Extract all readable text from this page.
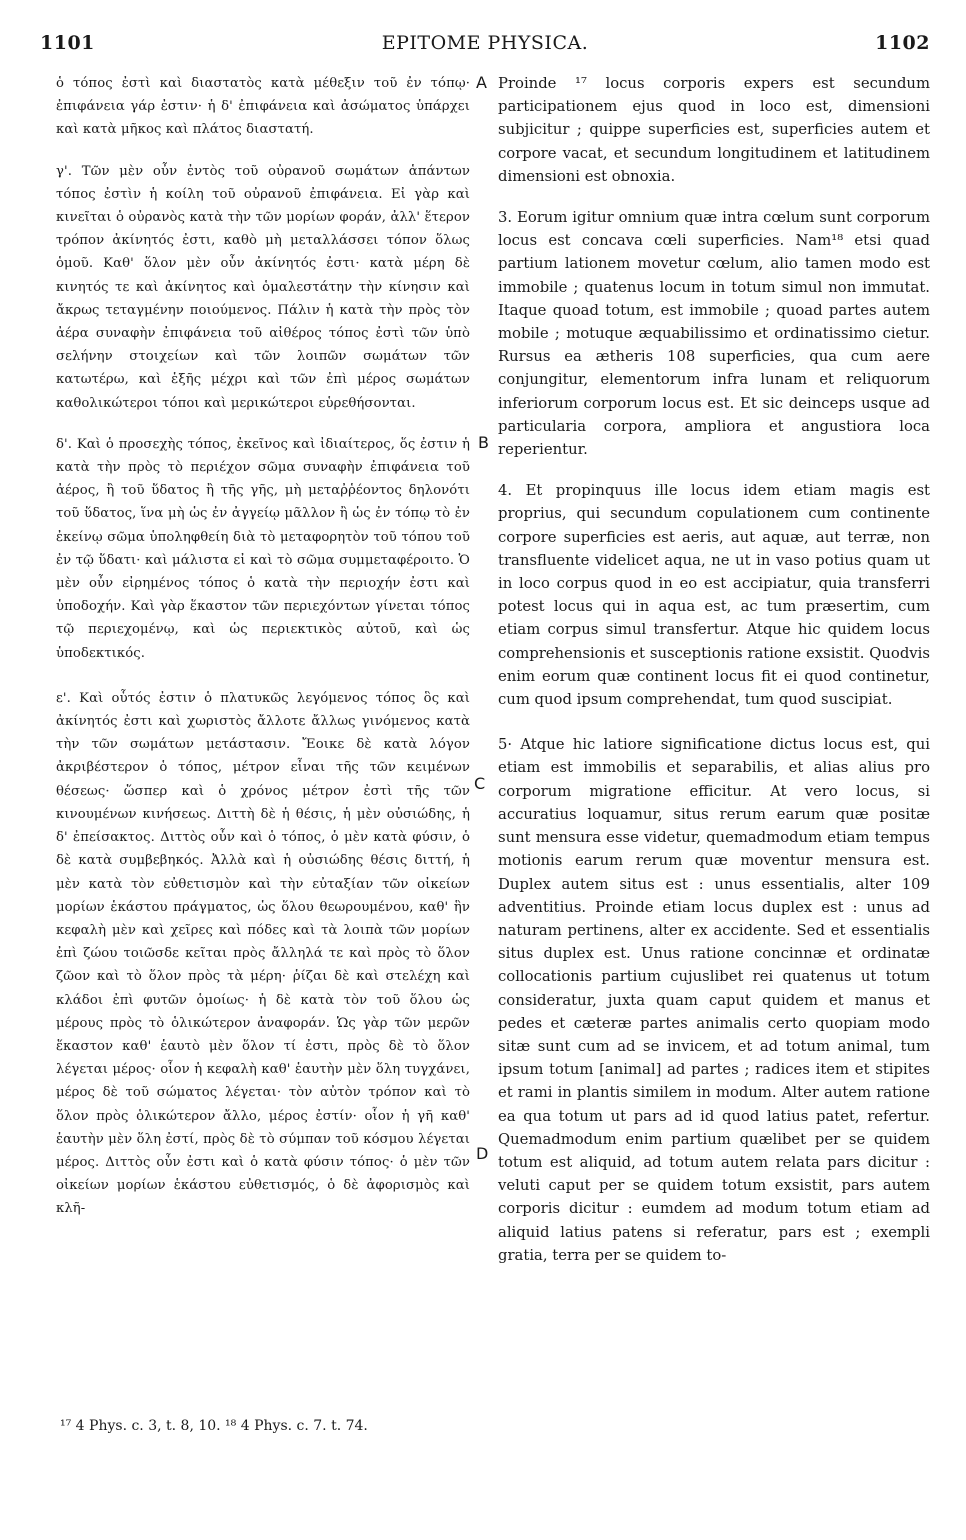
1101	EPITOME PHYSICA.	1102

ὁ τόπος ἐστὶ καὶ διαστατὸς κατὰ μέθεξιν τοῦ ἐν τόπῳ· ἐπιφάνεια γάρ ἐστιν· ἡ δ' ἐπιφάνεια καὶ ἀσώματος ὑπάρχει καὶ κατὰ μῆκος καὶ πλάτος διαστατή.

γ'. Τῶν μὲν οὖν ἐντὸς τοῦ οὐρανοῦ σωμάτων ἁπάντων τόπος ἐστὶν ἡ κοίλη τοῦ οὐρανοῦ ἐπιφάνεια. Εἰ γὰρ καὶ κινεῖται ὁ οὐρανὸς κατὰ τὴν τῶν μορίων φοράν, ἀλλ' ἕτερον τρόπον ἀκίνητός ἐστι, καθὸ μὴ μεταλλάσσει τόπον ὅλως ὁμοῦ. Καθ' ὅλον μὲν οὖν ἀκίνητός ἐστι· κατὰ μέρη δὲ κινητός τε καὶ ἀκίνητος καὶ ὁμαλεστάτην τὴν κίνησιν καὶ ἄκρως τεταγμένην ποιούμενος. Πάλιν ἡ κατὰ τὴν πρὸς τὸν ἀέρα συναφὴν ἐπιφάνεια τοῦ αἰθέρος τόπος ἐστὶ τῶν ὑπὸ σελήνην στοιχείων καὶ τῶν λοιπῶν σωμάτων τῶν κατωτέρω, καὶ ἑξῆς μέχρι καὶ τῶν ἐπὶ μέρος σωμάτων καθολικώτεροι τόποι καὶ μερικώτεροι εὑρεθήσονται.

δ'. Καὶ ὁ προσεχὴς τόπος, ἐκεῖνος καὶ ἰδιαίτερος, ὅς ἐστιν ἡ κατὰ τὴν πρὸς τὸ περιέχον σῶμα συναφὴν ἐπιφάνεια τοῦ ἀέρος, ἢ τοῦ ὕδατος ἢ τῆς γῆς, μὴ μεταῤῥέοντος δηλονότι τοῦ ὕδατος, ἵνα μὴ ὡς ἐν ἀγγείῳ μᾶλλον ἢ ὡς ἐν τόπῳ τὸ ἐν ἐκείνῳ σῶμα ὑποληφθείη διὰ τὸ μεταφορητὸν τοῦ τόπου τοῦ ἐν τῷ ὕδατι· καὶ μάλιστα εἰ καὶ τὸ σῶμα συμμεταφέροιτο. Ὁ μὲν οὖν εἰρημένος τόπος ὁ κατὰ τὴν περιοχήν ἐστι καὶ ὑποδοχήν. Καὶ γὰρ ἕκαστον τῶν περιεχόντων γίνεται τόπος τῷ περιεχομένῳ, καὶ ὡς περιεκτικὸς αὐτοῦ, καὶ ὡς ὑποδεκτικός.

ε'. Καὶ οὗτός ἐστιν ὁ πλατυκῶς λεγόμενος τόπος ὃς καὶ ἀκίνητός ἐστι καὶ χωριστὸς ἄλλοτε ἄλλως γινόμενος κατὰ τὴν τῶν σωμάτων μετάστασιν. Ἔοικε δὲ κατὰ λόγον ἀκριβέστερον ὁ τόπος, μέτρον εἶναι τῆς τῶν κειμένων θέσεως· ὥσπερ καὶ ὁ χρόνος μέτρον ἐστὶ τῆς τῶν κινουμένων κινήσεως. Διττὴ δὲ ἡ θέσις, ἡ μὲν οὐσιώδης, ἡ δ' ἐπείσακτος. Διττὸς οὖν καὶ ὁ τόπος, ὁ μὲν κατὰ φύσιν, ὁ δὲ κατὰ συμβεβηκός. Ἀλλὰ καὶ ἡ οὐσιώδης θέσις διττή, ἡ μὲν κατὰ τὸν εὐθετισμὸν καὶ τὴν εὐταξίαν τῶν οἰκείων μορίων ἑκάστου πράγματος, ὡς ὅλου θεωρουμένου, καθ' ἣν κεφαλὴ μὲν καὶ χεῖρες καὶ πόδες καὶ τὰ λοιπὰ τῶν μορίων ἐπὶ ζώου τοιῶσδε κεῖται πρὸς ἄλληλά τε καὶ πρὸς τὸ ὅλον ζῶον καὶ τὸ ὅλον πρὸς τὰ μέρη· ῥίζαι δὲ καὶ στελέχη καὶ κλάδοι ἐπὶ φυτῶν ὁμοίως· ἡ δὲ κατὰ τὸν τοῦ ὅλου ὡς μέρους πρὸς τὸ ὁλικώτερον ἀναφοράν. Ὡς γὰρ τῶν μερῶν ἕκαστον καθ' ἑαυτὸ μὲν ὅλον τί ἐστι, πρὸς δὲ τὸ ὅλον λέγεται μέρος· οἷον ἡ κεφαλὴ καθ' ἑαυτὴν μὲν ὅλη τυγχάνει, μέρος δὲ τοῦ σώματος λέγεται· τὸν αὐτὸν τρόπον καὶ τὸ ὅλον πρὸς ὁλικώτερον ἄλλο, μέρος ἐστίν· οἷον ἡ γῆ καθ' ἑαυτὴν μὲν ὅλη ἐστί, πρὸς δὲ τὸ σύμπαν τοῦ κόσμου λέγεται μέρος. Διττὸς οὖν ἐστι καὶ ὁ κατὰ φύσιν τόπος· ὁ μὲν τῶν οἰκείων μορίων ἑκάστου εὐθετισμός, ὁ δὲ ἀφορισμὸς καὶ κλῆ-

A
B
C
D

Proinde ¹⁷ locus corporis expers est secundum participationem ejus quod in loco est, dimensioni subjicitur ; quippe superficies est, superficies autem et corpore vacat, et secundum longitudinem et latitudinem dimensioni est obnoxia.

3. Eorum igitur omnium quæ intra cœlum sunt corporum locus est concava cœli superficies. Nam¹⁸ etsi quad partium lationem movetur cœlum, alio tamen modo est immobile ; quatenus locum in totum simul non immutat. Itaque quoad totum, est immobile ; quoad partes autem mobile ; motuque æquabilissimo et ordinatissimo cietur. Rursus ea ætheris 108 superficies, qua cum aere conjungitur, elementorum infra lunam et reliquorum inferiorum corporum locus est. Et sic deinceps usque ad particularia corpora, ampliora et angustiora loca reperientur.

4. Et propinquus ille locus idem etiam magis est proprius, qui secundum copulationem cum continente corpore superficies est aeris, aut aquæ, aut terræ, non transfluente videlicet aqua, ne ut in vaso potius quam ut in loco corpus quod in eo est accipiatur, quia transferri potest locus qui in aqua est, ac tum præsertim, cum etiam corpus simul transfertur. Atque hic quidem locus comprehensionis et susceptionis ratione exsistit. Quodvis enim eorum quæ continent locus fit ei quod continetur, cum quod ipsum comprehendat, tum quod suscipiat.

5· Atque hic latiore significatione dictus locus est, qui etiam est immobilis et separabilis, et alias alius pro corporum migratione efficitur. At vero locus, si accuratius loquamur, situs rerum earum quæ positæ sunt mensura esse videtur, quemadmodum etiam tempus motionis earum rerum quæ moventur mensura est. Duplex autem situs est : unus essentialis, alter 109 adventitius. Proinde etiam locus duplex est : unus ad naturam pertinens, alter ex accidente. Sed et essentialis situs duplex est. Unus ratione concinnæ et ordinatæ collocationis partium cujuslibet rei quatenus ut totum consideratur, juxta quam caput quidem et manus et pedes et cæteræ partes animalis certo quopiam modo sitæ sunt cum ad se invicem, et ad totum animal, tum ipsum totum [animal] ad partes ; radices item et stipites et rami in plantis similem in modum. Alter autem ratione ea qua totum ut pars ad id quod latius patet, refertur. Quemadmodum enim partium quælibet per se quidem totum est aliquid, ad totum autem relata pars dicitur : veluti caput per se quidem totum exsistit, pars autem corporis dicitur : eumdem ad modum totum etiam ad aliquid latius patens si referatur, pars est ; exempli gratia, terra per se quidem to-

¹⁷ 4 Phys. c. 3, t. 8, 10. ¹⁸ 4 Phys. c. 7. t. 74.
